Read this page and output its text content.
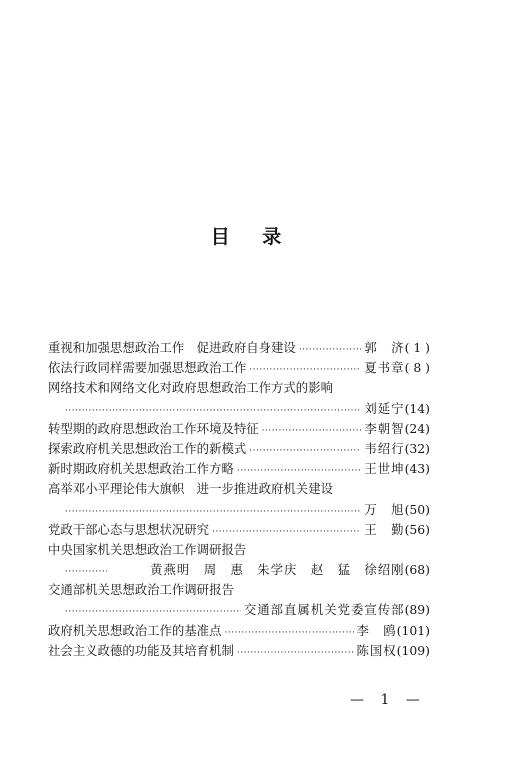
目 录
重视和加强思想政治工作　促进政府自身建设 ·····	郭　济 ( 1 )
依法行政同样需要加强思想政治工作 ·····	夏书章 ( 8 )
网络技术和网络文化对政府思想政治工作方式的影响
·····
刘延宁 (14)
转型期的政府思想政治工作环境及特征 ·····	李朝智 (24)
探索政府机关思想政治工作的新模式 ·····	韦绍行 (32)
新时期政府机关思想政治工作方略 ·····	王世坤 (43)
高举邓小平理论伟大旗帜　进一步推进政府机关建设
·····
万　旭 (50)
党政干部心态与思想状况研究 ·····	王　勤 (56)
中央国家机关思想政治工作调研报告
·····
黄燕明　周　惠　朱学庆　赵　猛　徐绍刚 (68)
交通部机关思想政治工作调研报告
·····
交通部直属机关党委宣传部 (89)
政府机关思想政治工作的基准点 ·····	李　鸥 (101)
社会主义政德的功能及其培育机制 ·····	陈国权 (109)
— 1 —
